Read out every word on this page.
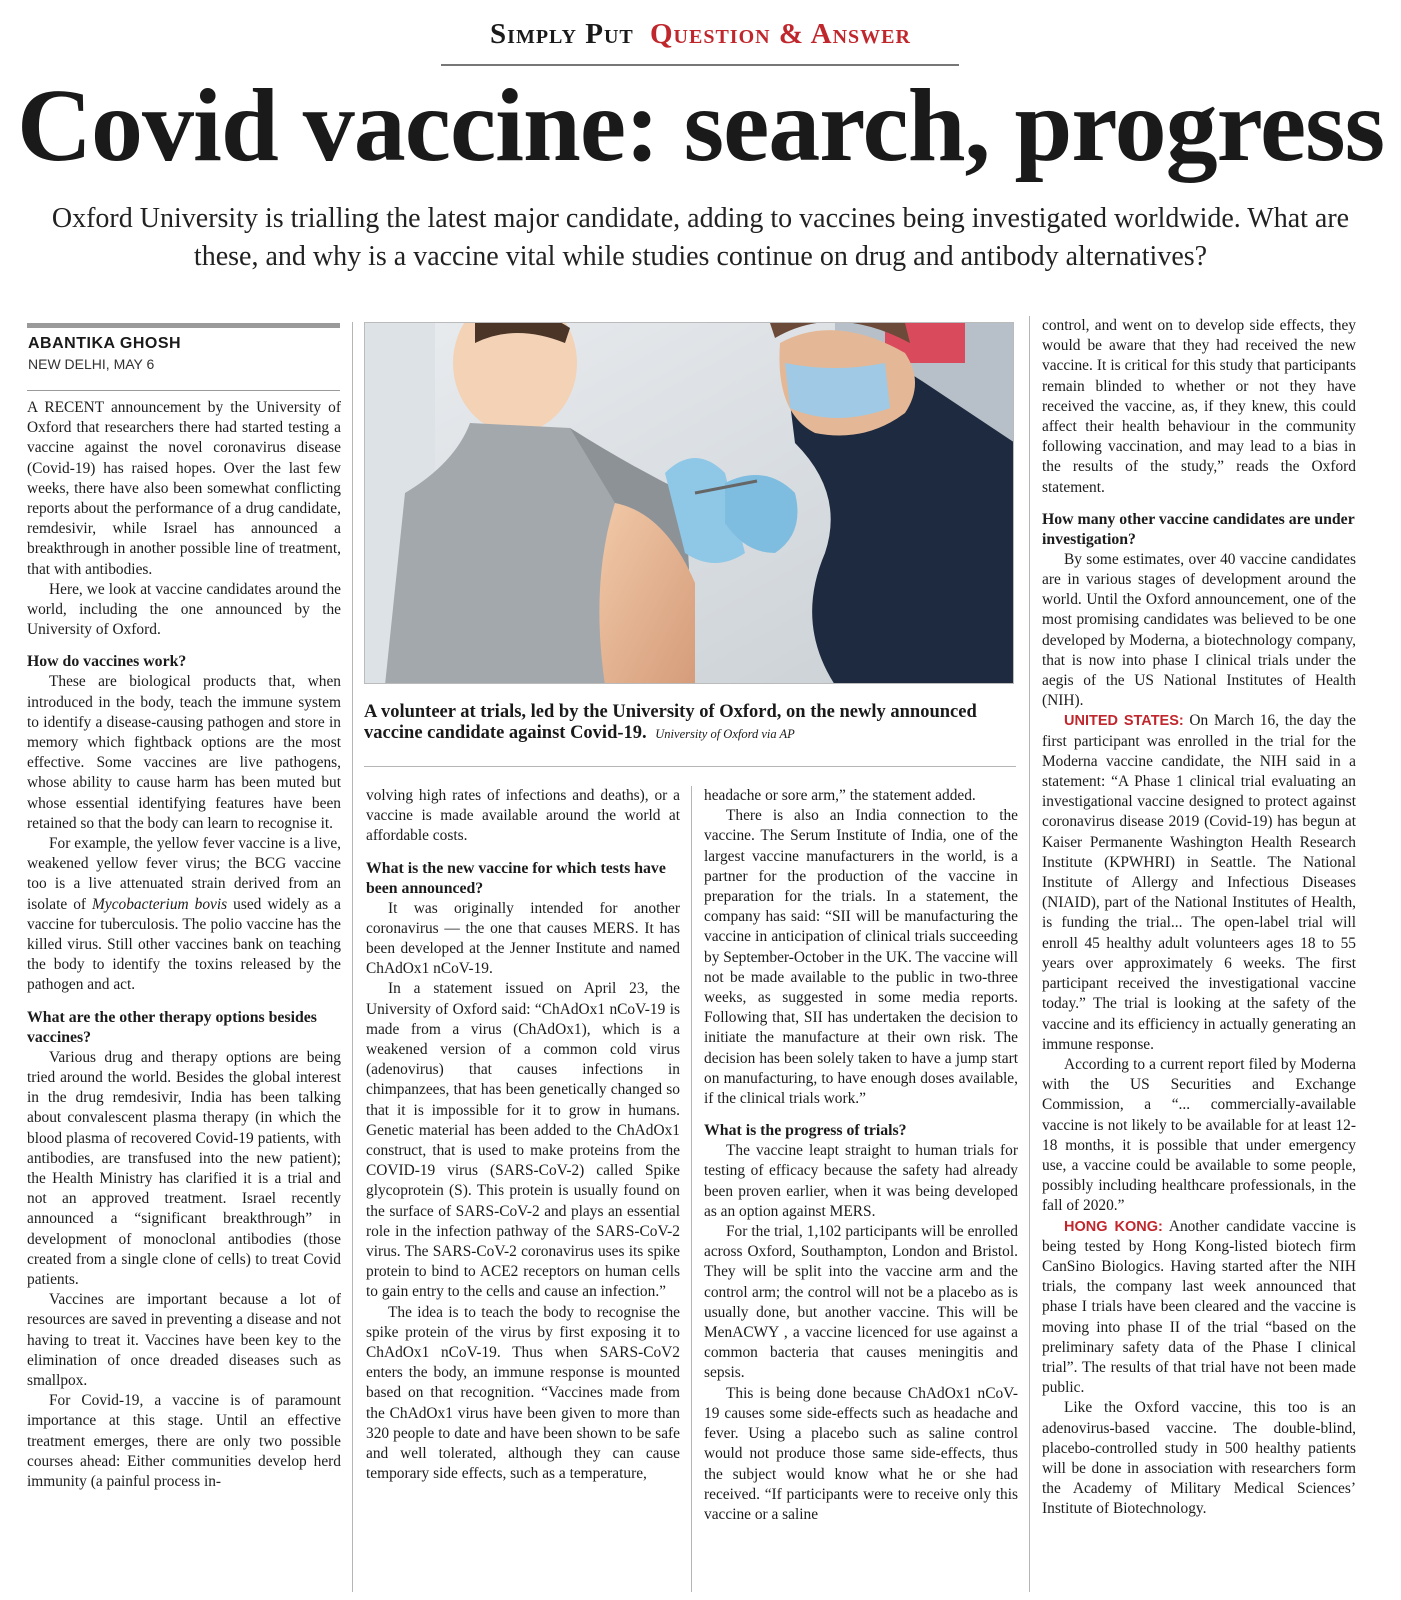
Simply Put Question & Answer
Covid vaccine: search, progress
Oxford University is trialling the latest major candidate, adding to vaccines being investigated worldwide. What are these, and why is a vaccine vital while studies continue on drug and antibody alternatives?
ABANTIKA GHOSH
NEW DELHI, MAY 6

A RECENT announcement by the University of Oxford that researchers there had started testing a vaccine against the novel coronavirus disease (Covid-19) has raised hopes. Over the last few weeks, there have also been somewhat conflicting reports about the performance of a drug candidate, remdesivir, while Israel has announced a breakthrough in another possible line of treatment, that with antibodies.

Here, we look at vaccine candidates around the world, including the one announced by the University of Oxford.

How do vaccines work?

These are biological products that, when introduced in the body, teach the immune system to identify a disease-causing pathogen and store in memory which fightback options are the most effective. Some vaccines are live pathogens, whose ability to cause harm has been muted but whose essential identifying features have been retained so that the body can learn to recognise it.

For example, the yellow fever vaccine is a live, weakened yellow fever virus; the BCG vaccine too is a live attenuated strain derived from an isolate of Mycobacterium bovis used widely as a vaccine for tuberculosis. The polio vaccine has the killed virus. Still other vaccines bank on teaching the body to identify the toxins released by the pathogen and act.

What are the other therapy options besides vaccines?

Various drug and therapy options are being tried around the world. Besides the global interest in the drug remdesivir, India has been talking about convalescent plasma therapy (in which the blood plasma of recovered Covid-19 patients, with antibodies, are transfused into the new patient); the Health Ministry has clarified it is a trial and not an approved treatment. Israel recently announced a “significant breakthrough” in development of monoclonal antibodies (those created from a single clone of cells) to treat Covid patients.

Vaccines are important because a lot of resources are saved in preventing a disease and not having to treat it. Vaccines have been key to the elimination of once dreaded diseases such as smallpox.

For Covid-19, a vaccine is of paramount importance at this stage. Until an effective treatment emerges, there are only two possible courses ahead: Either communities develop herd immunity (a painful process in-

A volunteer at trials, led by the University of Oxford, on the newly announced vaccine candidate against Covid-19. University of Oxford via AP

volving high rates of infections and deaths), or a vaccine is made available around the world at affordable costs.

What is the new vaccine for which tests have been announced?

It was originally intended for another coronavirus — the one that causes MERS. It has been developed at the Jenner Institute and named ChAdOx1 nCoV-19.

In a statement issued on April 23, the University of Oxford said: “ChAdOx1 nCoV-19 is made from a virus (ChAdOx1), which is a weakened version of a common cold virus (adenovirus) that causes infections in chimpanzees, that has been genetically changed so that it is impossible for it to grow in humans. Genetic material has been added to the ChAdOx1 construct, that is used to make proteins from the COVID-19 virus (SARS-CoV-2) called Spike glycoprotein (S). This protein is usually found on the surface of SARS-CoV-2 and plays an essential role in the infection pathway of the SARS-CoV-2 virus. The SARS-CoV-2 coronavirus uses its spike protein to bind to ACE2 receptors on human cells to gain entry to the cells and cause an infection.”

The idea is to teach the body to recognise the spike protein of the virus by first exposing it to ChAdOx1 nCoV-19. Thus when SARS-CoV2 enters the body, an immune response is mounted based on that recognition. “Vaccines made from the ChAdOx1 virus have been given to more than 320 people to date and have been shown to be safe and well tolerated, although they can cause temporary side effects, such as a temperature,

headache or sore arm,” the statement added.

There is also an India connection to the vaccine. The Serum Institute of India, one of the largest vaccine manufacturers in the world, is a partner for the production of the vaccine in preparation for the trials. In a statement, the company has said: “SII will be manufacturing the vaccine in anticipation of clinical trials succeeding by September-October in the UK. The vaccine will not be made available to the public in two-three weeks, as suggested in some media reports. Following that, SII has undertaken the decision to initiate the manufacture at their own risk. The decision has been solely taken to have a jump start on manufacturing, to have enough doses available, if the clinical trials work.”

What is the progress of trials?

The vaccine leapt straight to human trials for testing of efficacy because the safety had already been proven earlier, when it was being developed as an option against MERS.

For the trial, 1,102 participants will be enrolled across Oxford, Southampton, London and Bristol. They will be split into the vaccine arm and the control arm; the control will not be a placebo as is usually done, but another vaccine. This will be MenACWY , a vaccine licenced for use against a common bacteria that causes meningitis and sepsis.

This is being done because ChAdOx1 nCoV-19 causes some side-effects such as headache and fever. Using a placebo such as saline control would not produce those same side-effects, thus the subject would know what he or she had received. “If participants were to receive only this vaccine or a saline

control, and went on to develop side effects, they would be aware that they had received the new vaccine. It is critical for this study that participants remain blinded to whether or not they have received the vaccine, as, if they knew, this could affect their health behaviour in the community following vaccination, and may lead to a bias in the results of the study,” reads the Oxford statement.

How many other vaccine candidates are under investigation?

By some estimates, over 40 vaccine candidates are in various stages of development around the world. Until the Oxford announcement, one of the most promising candidates was believed to be one developed by Moderna, a biotechnology company, that is now into phase I clinical trials under the aegis of the US National Institutes of Health (NIH).

UNITED STATES: On March 16, the day the first participant was enrolled in the trial for the Moderna vaccine candidate, the NIH said in a statement: “A Phase 1 clinical trial evaluating an investigational vaccine designed to protect against coronavirus disease 2019 (Covid-19) has begun at Kaiser Permanente Washington Health Research Institute (KPWHRI) in Seattle. The National Institute of Allergy and Infectious Diseases (NIAID), part of the National Institutes of Health, is funding the trial... The open-label trial will enroll 45 healthy adult volunteers ages 18 to 55 years over approximately 6 weeks. The first participant received the investigational vaccine today.” The trial is looking at the safety of the vaccine and its efficiency in actually generating an immune response.

According to a current report filed by Moderna with the US Securities and Exchange Commission, a “... commercially-available vaccine is not likely to be available for at least 12-18 months, it is possible that under emergency use, a vaccine could be available to some people, possibly including healthcare professionals, in the fall of 2020.”

HONG KONG: Another candidate vaccine is being tested by Hong Kong-listed biotech firm CanSino Biologics. Having started after the NIH trials, the company last week announced that phase I trials have been cleared and the vaccine is moving into phase II of the trial “based on the preliminary safety data of the Phase I clinical trial”. The results of that trial have not been made public.

Like the Oxford vaccine, this too is an adenovirus-based vaccine. The double-blind, placebo-controlled study in 500 healthy patients will be done in association with researchers form the Academy of Military Medical Sciences’ Institute of Biotechnology.
